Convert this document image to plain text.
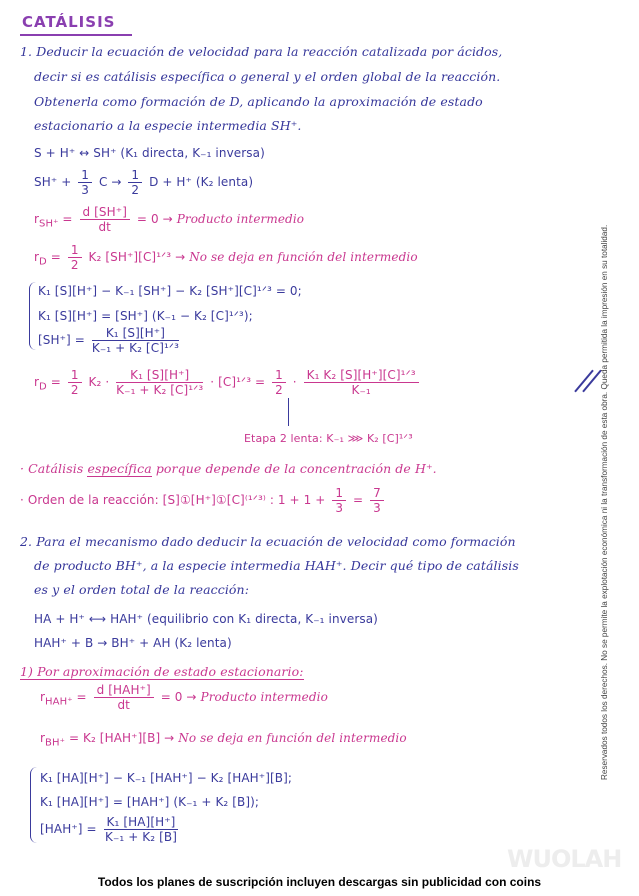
CATÁLISIS
1. Deducir la ecuación de velocidad para la reacción catalizada por ácidos,
decir si es catálisis específica o general y el orden global de la reacción.
Obtenerla como formación de D, aplicando la aproximación de estado
estacionario a la especie intermedia SH⁺.
S + H⁺ ↔ SH⁺ (K₁ directa, K₋₁ inversa)
$SH^+ + \frac{1}{3}$ $C \to \frac{1}{2}$ D + H⁺ (K₂ lenta)
$r_{SH^+} = \frac{d [SH^+]}{dt} = 0$ → Producto intermedio
$r_D = \frac{1}{2} K_2$ [SH⁺][C]¹ᐟ³ → No se deja en función del intermedio
K₁ [S][H⁺] − K₋₁ [SH⁺] − K₂ [SH⁺][C]¹ᐟ³ = 0;
K₁ [S][H⁺] = [SH⁺] (K₋₁ − K₂ [C]¹ᐟ³);
$[SH^+] = \frac{\text{K₁ [S][H⁺]}}{\text{K₋₁ + K₂ [C]¹ᐟ³}}$
$r_D = \frac{1}{2} K_2 \cdot \frac{\text{K₁ [S][H⁺]}}{\text{K₋₁ + K₂ [C]¹ᐟ³}}$ · [C]¹ᐟ³ = $\frac{1}{2} \cdot \frac{\text{K₁ K₂ [S][H⁺][C]¹ᐟ³}}{\text{K₋₁}}$
Etapa 2 lenta: K₋₁ ⋙ K₂ [C]¹ᐟ³
· Catálisis específica porque depende de la concentración de H⁺.
· Orden de la reacción: [S]①[H⁺]①[C]⁽¹ᐟ³⁾ : $1 + 1 + \frac{1}{3} = \frac{7}{3}$
2. Para el mecanismo dado deducir la ecuación de velocidad como formación
de producto BH⁺, a la especie intermedia HAH⁺. Decir qué tipo de catálisis
es y el orden total de la reacción:
HA + H⁺ ⟷ HAH⁺ (equilibrio con K₁ directa, K₋₁ inversa)
HAH⁺ + B → BH⁺ + AH (K₂ lenta)
1) Por aproximación de estado estacionario:
$r_{HAH^+} = \frac{\text{d [HAH⁺]}}{dt} = 0$ → Producto intermedio
$r_{BH^+} = K_2$ [HAH⁺][B] → No se deja en función del intermedio
K₁ [HA][H⁺] − K₋₁ [HAH⁺] − K₂ [HAH⁺][B];
K₁ [HA][H⁺] = [HAH⁺] (K₋₁ + K₂ [B]);
$[HAH^+] = \frac{\text{K₁ [HA][H⁺]}}{\text{K₋₁ + K₂ [B]}}$
Reservados todos los derechos. No se permite la explotación económica ni la transformación de esta obra. Queda permitida la impresión en su totalidad.
WUOLAH
Todos los planes de suscripción incluyen descargas sin publicidad con coins
